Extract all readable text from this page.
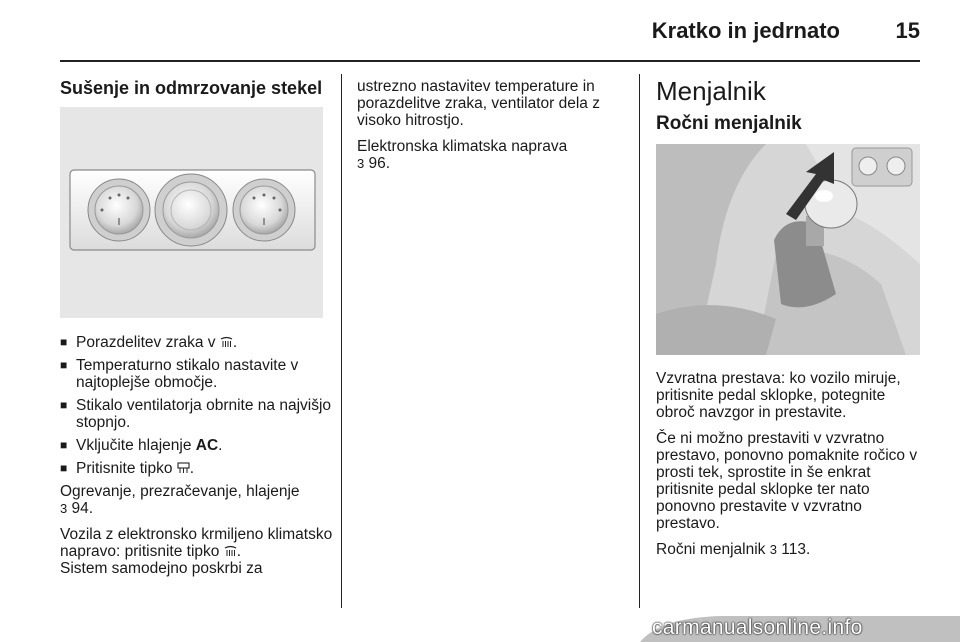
Kratko in jedrnato	15
Sušenje in odmrzovanje stekel
■ Porazdelitev zraka v .
■ Temperaturno stikalo nastavite v najtoplejše območje.
■ Stikalo ventilatorja obrnite na najvišjo stopnjo.
■ Vključite hlajenje AC.
■ Pritisnite tipko .

Ogrevanje, prezračevanje, hlajenje
3 94.

Vozila z elektronsko krmiljeno klimatsko napravo: pritisnite tipko .
Sistem samodejno poskrbi za

ustrezno nastavitev temperature in porazdelitve zraka, ventilator dela z visoko hitrostjo.

Elektronska klimatska naprava
3 96.

Menjalnik
Ročni menjalnik

Vzvratna prestava: ko vozilo miruje, pritisnite pedal sklopke, potegnite obroč navzgor in prestavite.

Če ni možno prestaviti v vzvratno prestavo, ponovno pomaknite ročico v prosti tek, sprostite in še enkrat pritisnite pedal sklopke ter nato ponovno prestavite v vzvratno prestavo.

Ročni menjalnik 3 113.

carmanualsonline.info
